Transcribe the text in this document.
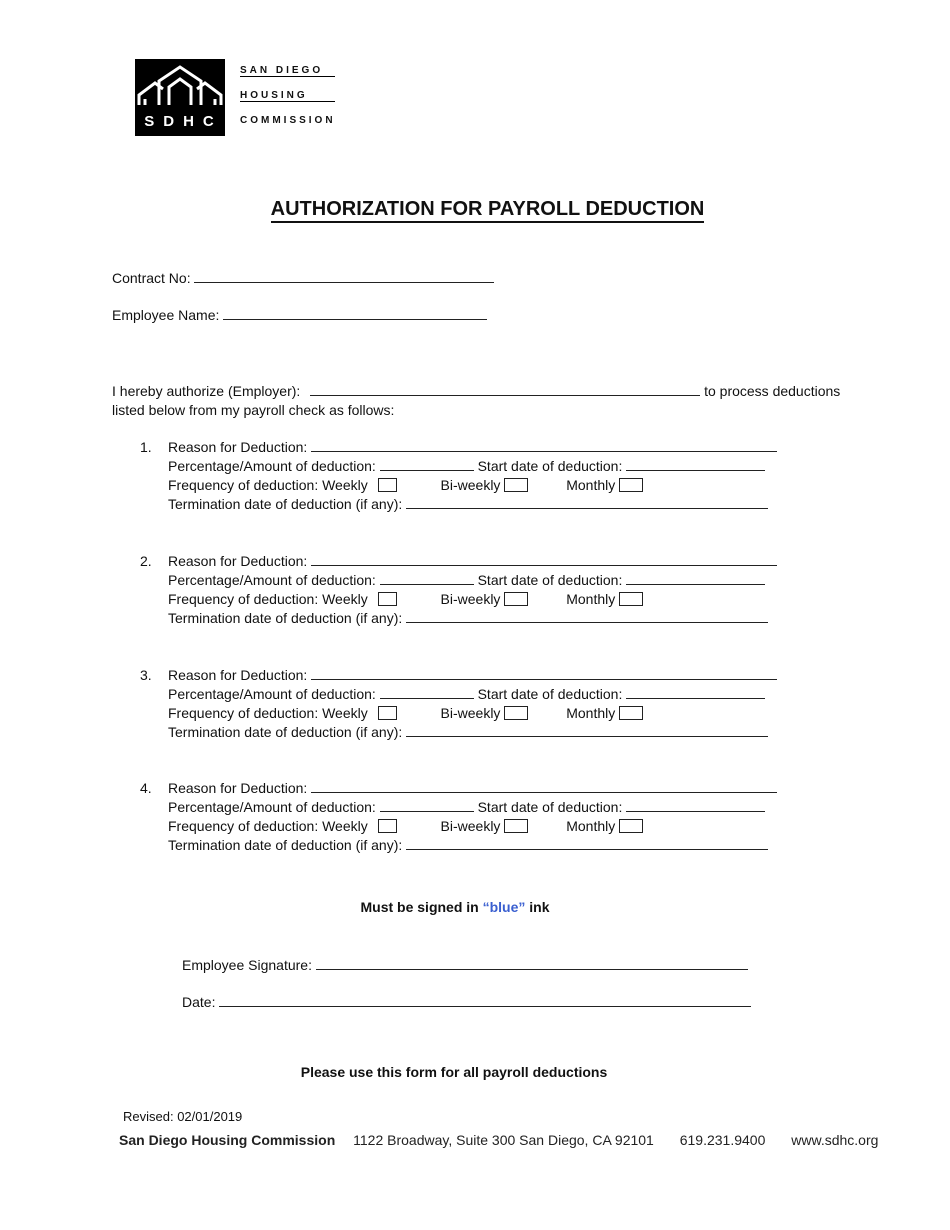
SDHC
SAN DIEGO
HOUSING
COMMISSION
AUTHORIZATION FOR PAYROLL DEDUCTION
Contract No:
Employee Name:
I hereby authorize (Employer):	to process deductions
listed below from my payroll check as follows:
1.	Reason for Deduction:
Percentage/Amount of deduction:	Start date of deduction:
Frequency of deduction: Weekly	Bi-weekly	Monthly
Termination date of deduction (if any):
2.	Reason for Deduction:
Percentage/Amount of deduction:	Start date of deduction:
Frequency of deduction: Weekly	Bi-weekly	Monthly
Termination date of deduction (if any):
3.	Reason for Deduction:
Percentage/Amount of deduction:	Start date of deduction:
Frequency of deduction: Weekly	Bi-weekly	Monthly
Termination date of deduction (if any):
4.	Reason for Deduction:
Percentage/Amount of deduction:	Start date of deduction:
Frequency of deduction: Weekly	Bi-weekly	Monthly
Termination date of deduction (if any):
Must be signed in “blue” ink
Employee Signature:
Date:
Please use this form for all payroll deductions
Revised: 02/01/2019
San Diego Housing Commission 1122 Broadway, Suite 300 San Diego, CA 92101 619.231.9400 www.sdhc.org
